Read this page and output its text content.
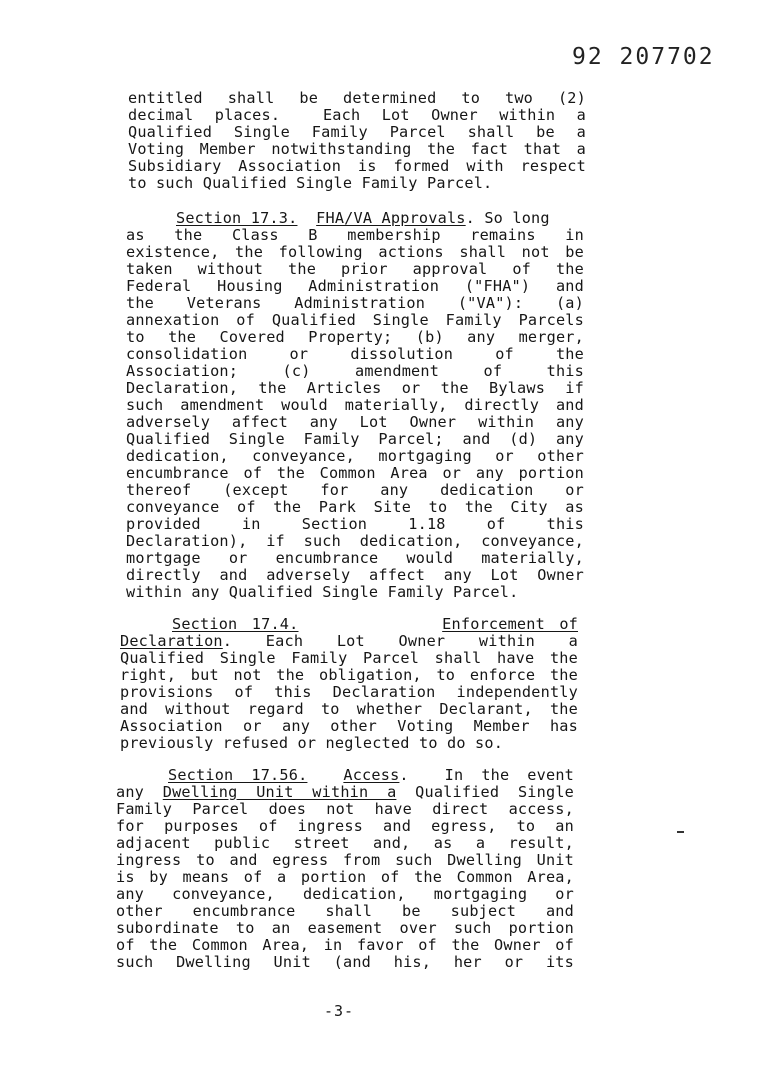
92 207702
entitled shall be determined to two (2)
decimal places.  Each Lot Owner within a
Qualified Single Family Parcel shall be a
Voting Member notwithstanding the fact that a
Subsidiary Association is formed with respect
to such Qualified Single Family Parcel.
Section 17.3. FHA/VA Approvals. So long
as  the  Class  B  membership  remains  in
existence, the following actions shall not be
taken without the prior approval of the
Federal Housing Administration ("FHA") and
the Veterans Administration ("VA"): (a)
annexation of Qualified Single Family Parcels
to the Covered Property; (b) any merger,
consolidation or dissolution of the
Association; (c) amendment of this
Declaration, the Articles or the Bylaws if
such amendment would materially, directly and
adversely affect any Lot Owner within any
Qualified Single Family Parcel; and (d) any
dedication, conveyance, mortgaging or other
encumbrance of the Common Area or any portion
thereof (except for any dedication or
conveyance of the Park Site to the City as
provided in Section 1.18 of this
Declaration), if such dedication, conveyance,
mortgage or encumbrance would materially,
directly and adversely affect any Lot Owner
within any Qualified Single Family Parcel.
Section 17.4.	Enforcement of
Declaration. Each Lot Owner within a
Qualified Single Family Parcel shall have the
right, but not the obligation, to enforce the
provisions of this Declaration independently
and without regard to whether Declarant, the
Association or any other Voting Member has
previously refused or neglected to do so.
Section 17.56. Access.  In the event
any Dwelling Unit within a Qualified Single
Family Parcel does not have direct access,
for purposes of ingress and egress, to an
adjacent public street and, as a result,
ingress to and egress from such Dwelling Unit
is by means of a portion of the Common Area,
any conveyance, dedication, mortgaging or
other encumbrance shall be subject and
subordinate to an easement over such portion
of the Common Area, in favor of the Owner of
such Dwelling Unit (and his, her or its
-3-
